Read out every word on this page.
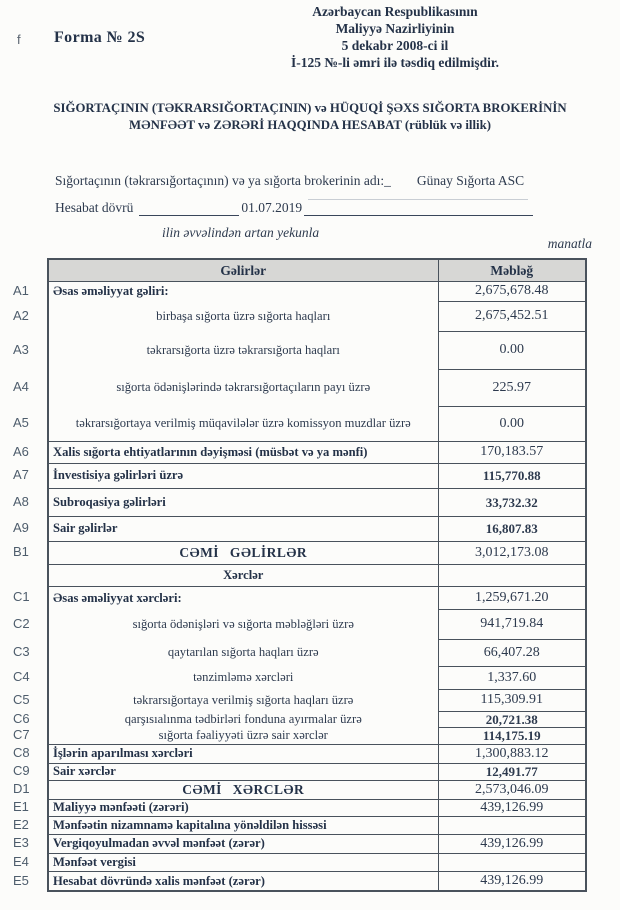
f Forma № 2S
Azərbaycan Respublikasının
Maliyyə Nazirliyinin
5 dekabr 2008-ci il
İ-125 №-li əmri ilə təsdiq edilmişdir.
SIĞORTAÇININ (TƏKRARSIĞORTAÇININ) və HÜQUQİ ŞƏXS SIĞORTA BROKERİNİN
MƏNFƏƏT və ZƏRƏRİ HAQQINDA HESABAT (rüblük və illik)
Sığortaçının (təkrarsığortaçının) və ya sığorta brokerinin adı:_ Günay Sığorta ASC
Hesabat dövrü	01.07.2019
ilin əvvəlindən artan yekunla
manatla
	Gəlirlər	Məbləğ
A1	Əsas əməliyyat gəliri:	2,675,678.48
A2	birbaşa sığorta üzrə sığorta haqları	2,675,452.51
A3	təkrarsığorta üzrə təkrarsığorta haqları	0.00
A4	sığorta ödənişlərində təkrarsığortaçıların payı üzrə	225.97
A5	təkrarsığortaya verilmiş müqavilələr üzrə komissyon muzdlar üzrə	0.00
A6	Xalis sığorta ehtiyatlarının dəyişməsi (müsbət və ya mənfi)	170,183.57
A7	İnvestisiya gəlirləri üzrə	115,770.88
A8	Subroqasiya gəlirləri	33,732.32
A9	Sair gəlirlər	16,807.83
B1	CƏMİ GƏLİRLƏR	3,012,173.08
	Xərclər	
C1	Əsas əməliyyat xərcləri:	1,259,671.20
C2	sığorta ödənişləri və sığorta məbləğləri üzrə	941,719.84
C3	qaytarılan sığorta haqları üzrə	66,407.28
C4	tənzimləmə xərcləri	1,337.60
C5	təkrarsığortaya verilmiş sığorta haqları üzrə	115,309.91
C6	qarşısıalınma tədbirləri fonduna ayırmalar üzrə	20,721.38
C7	sığorta fəaliyyəti üzrə sair xərclər	114,175.19
C8	İşlərin aparılması xərcləri	1,300,883.12
C9	Sair xərclər	12,491.77
D1	CƏMİ XƏRCLƏR	2,573,046.09
E1	Maliyyə mənfəəti (zərəri)	439,126.99
E2	Mənfəətin nizamnamə kapitalına yönəldilən hissəsi	
E3	Vergiqoyulmadan əvvəl mənfəət (zərər)	439,126.99
E4	Mənfəət vergisi	
E5	Hesabat dövründə xalis mənfəət (zərər)	439,126.99
